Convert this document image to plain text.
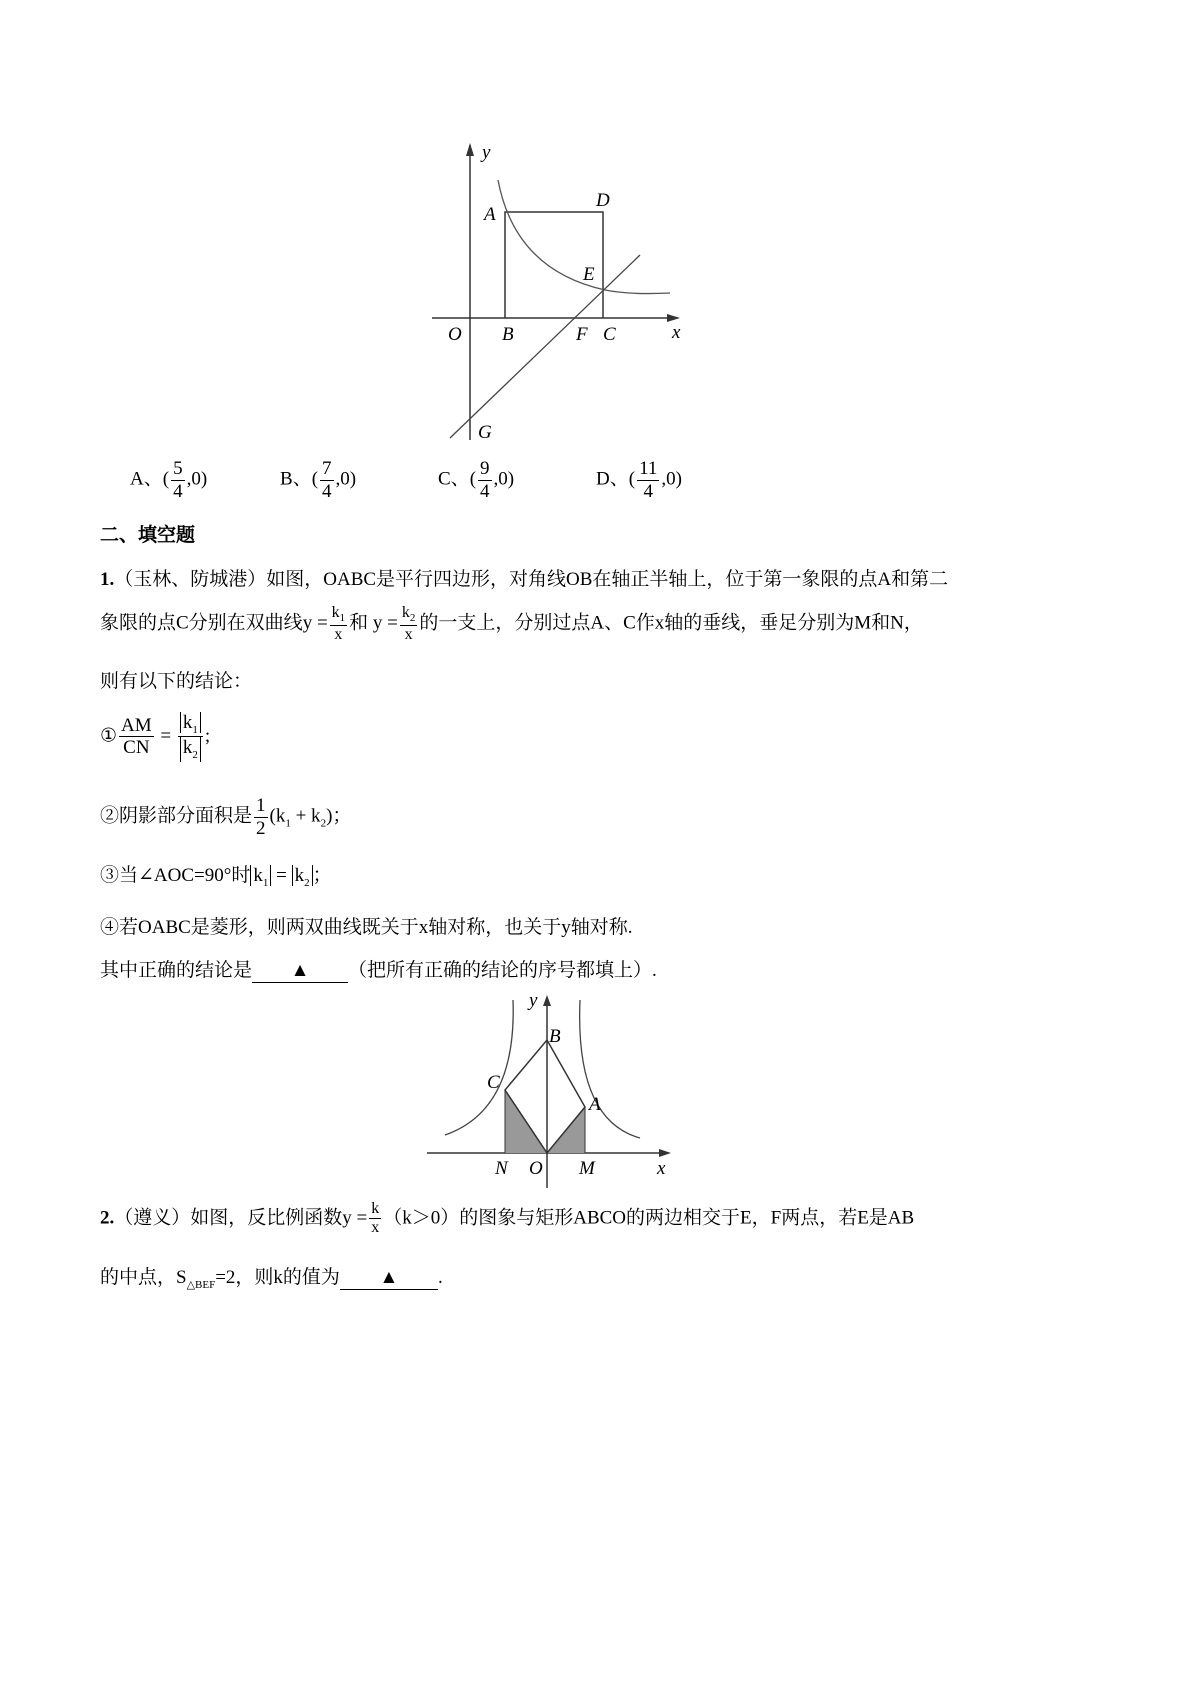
y
x
O
A
B
D
E
F C
G
A、( $\frac{5}{4} ,0$)	B、( $\frac{7}{4} ,0$)	C、( $\frac{9}{4} ,0$)	D、( $\frac{11}{4} ,0$)
二、填空题
1.（玉林、防城港）如图，OABC是平行四边形，对角线OB在轴正半轴上，位于第一象限的点A和第二
象限的点C分别在双曲线$y = \frac{k_1}{x}$ 和 $y = \frac{k_2}{x}$ 的一支上，分别过点A、C作x轴的垂线，垂足分别为M和N，
则有以下的结论：
① $\frac{AM}{CN} = \frac{k_1}{k_2}$ ;
②阴影部分面积是 $\frac{1}{2} (k_1 + k_2)$；
③当∠AOC=90°时 $k_1 = k_2$ ；
④若OABC是菱形，则两双曲线既关于x轴对称，也关于y轴对称.
其中正确的结论是 ▲ （把所有正确的结论的序号都填上）.
y
B
C
A
N O M	x
2.（遵义）如图，反比例函数$y = \frac{k}{x} (k>0)$的图象与矩形ABCO的两边相交于E，F两点，若E是AB
的中点，$S_{\triangle BEF}=2$，则k的值为 ▲ .
